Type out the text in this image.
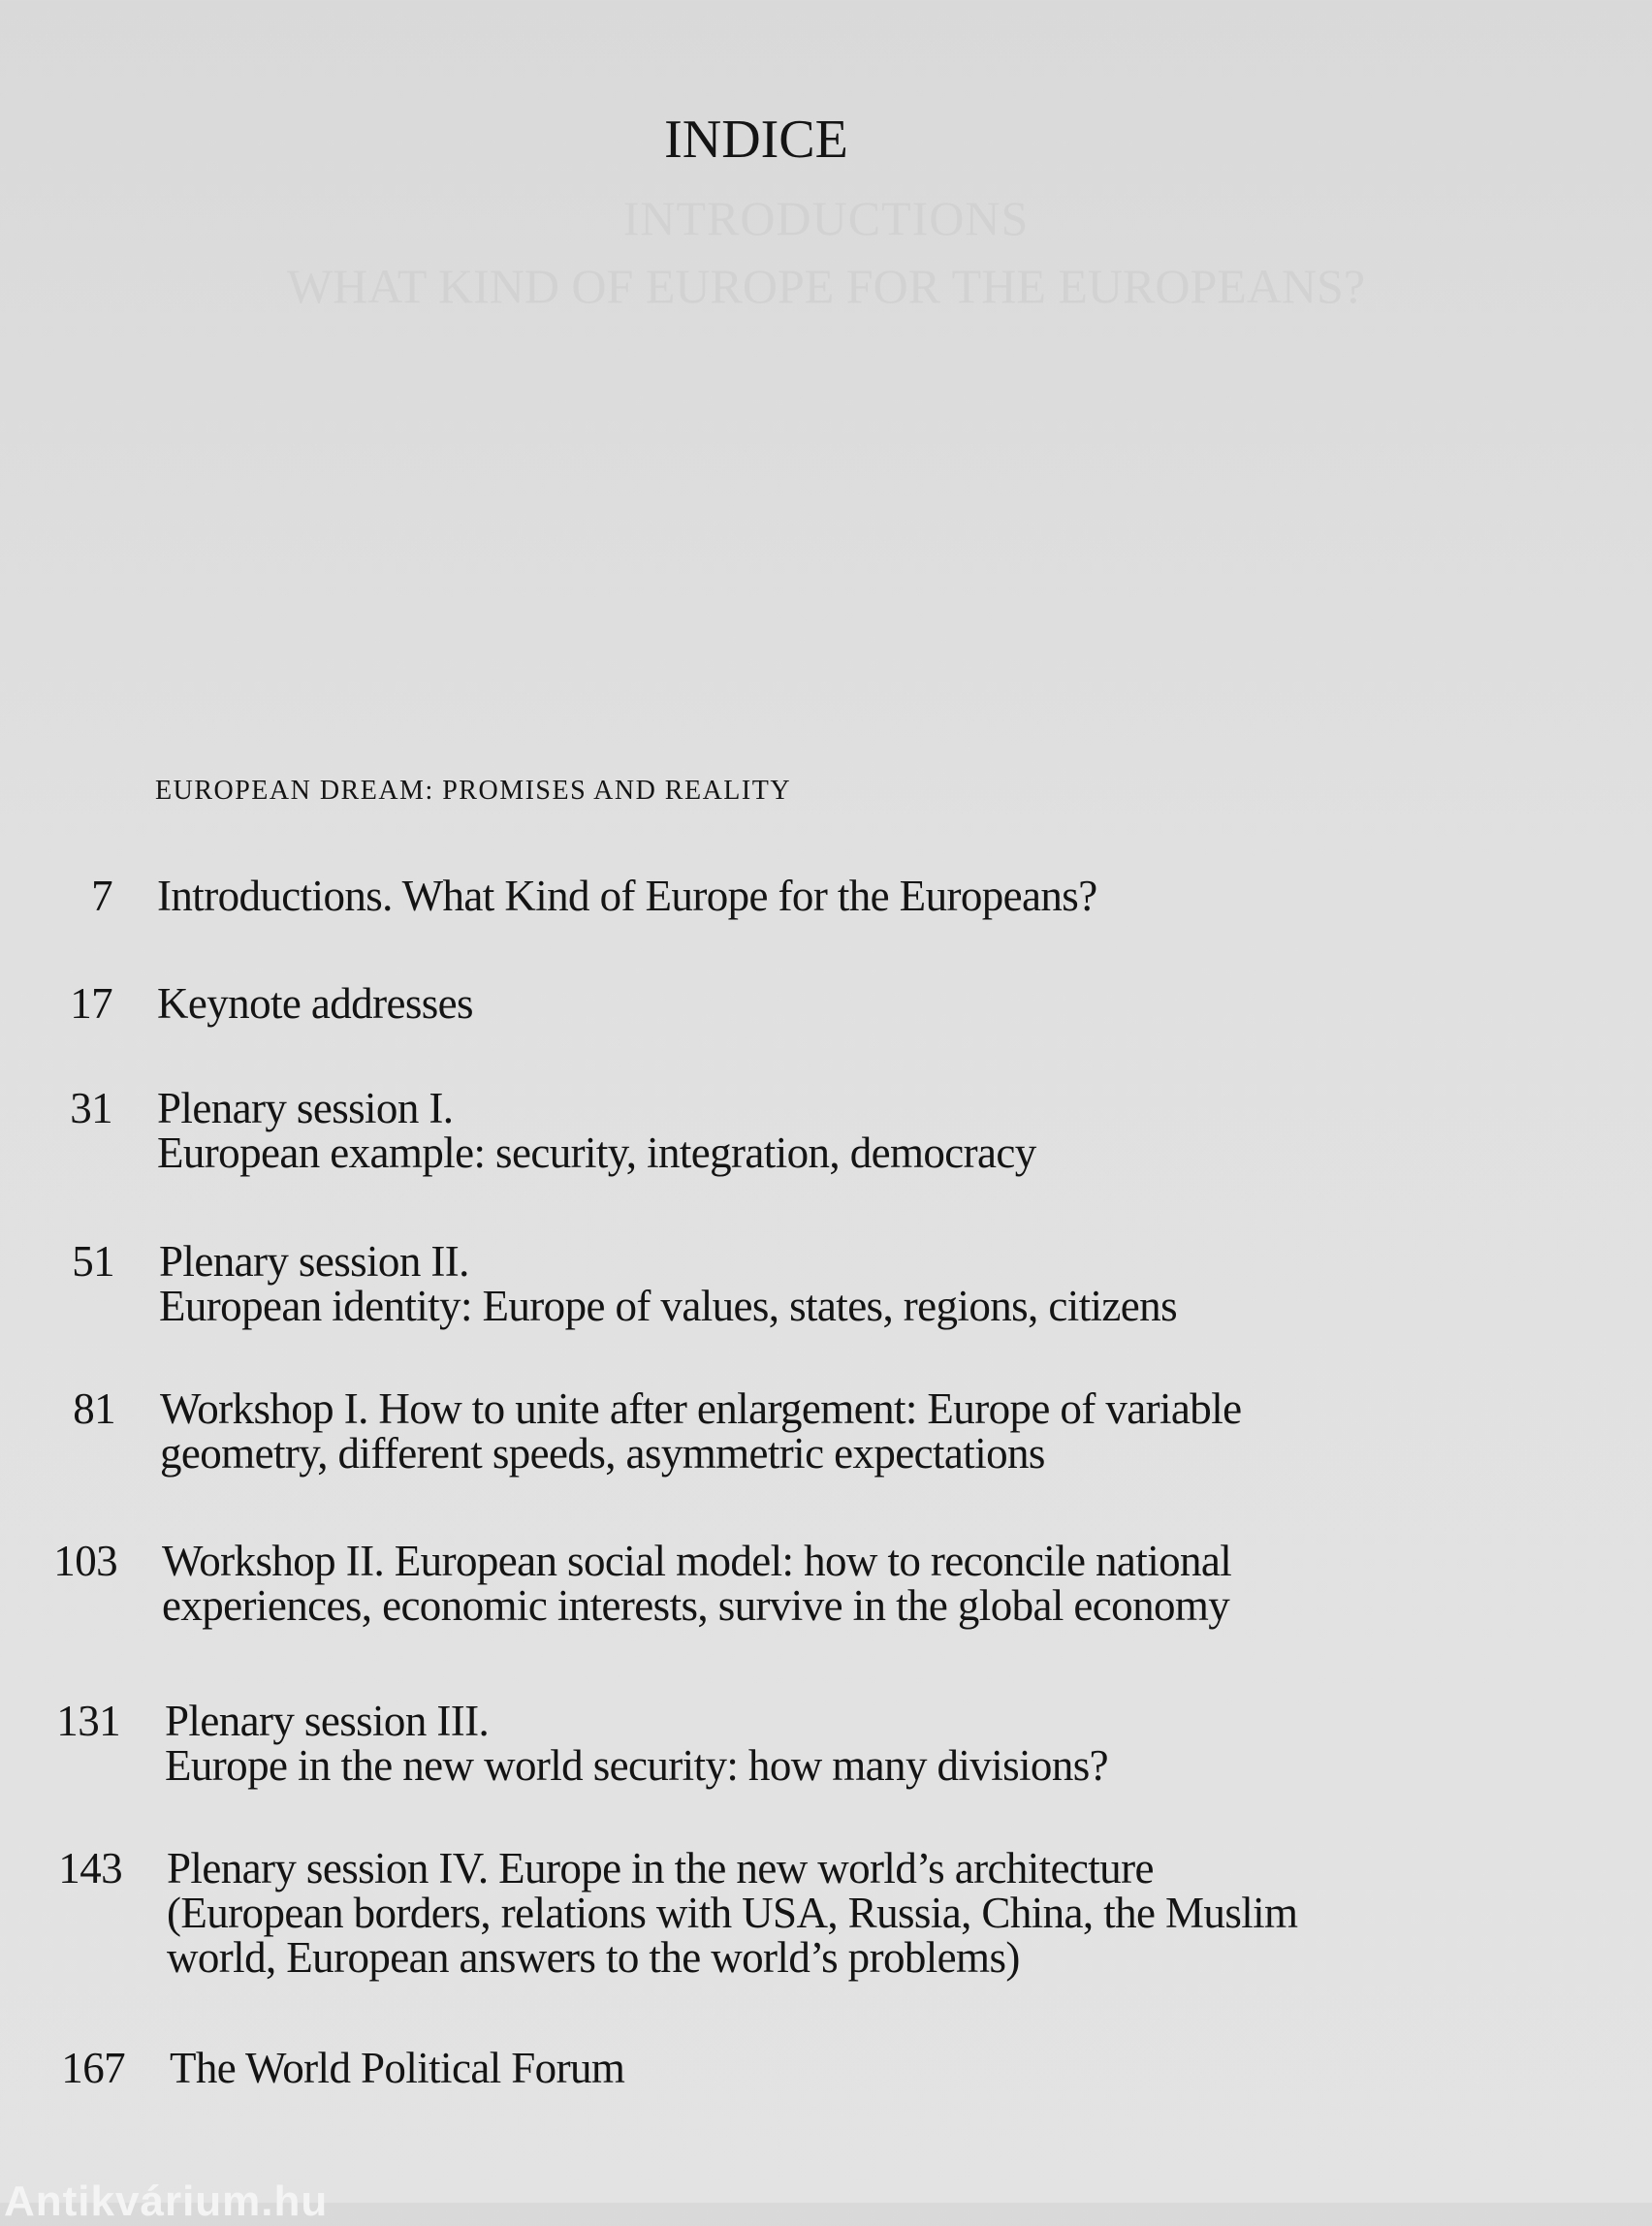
INDICE
INTRODUCTIONS
WHAT KIND OF EUROPE FOR THE EUROPEANS?
EUROPEAN DREAM: PROMISES AND REALITY
7 Introductions. What Kind of Europe for the Europeans?
17 Keynote addresses
31 Plenary session I.
European example: security, integration, democracy
51 Plenary session II.
European identity: Europe of values, states, regions, citizens
81 Workshop I. How to unite after enlargement: Europe of variable
geometry, different speeds, asymmetric expectations
103 Workshop II. European social model: how to reconcile national
experiences, economic interests, survive in the global economy
131 Plenary session III.
Europe in the new world security: how many divisions?
143 Plenary session IV. Europe in the new world’s architecture
(European borders, relations with USA, Russia, China, the Muslim
world, European answers to the world’s problems)
167 The World Political Forum
Antikvárium.hu
